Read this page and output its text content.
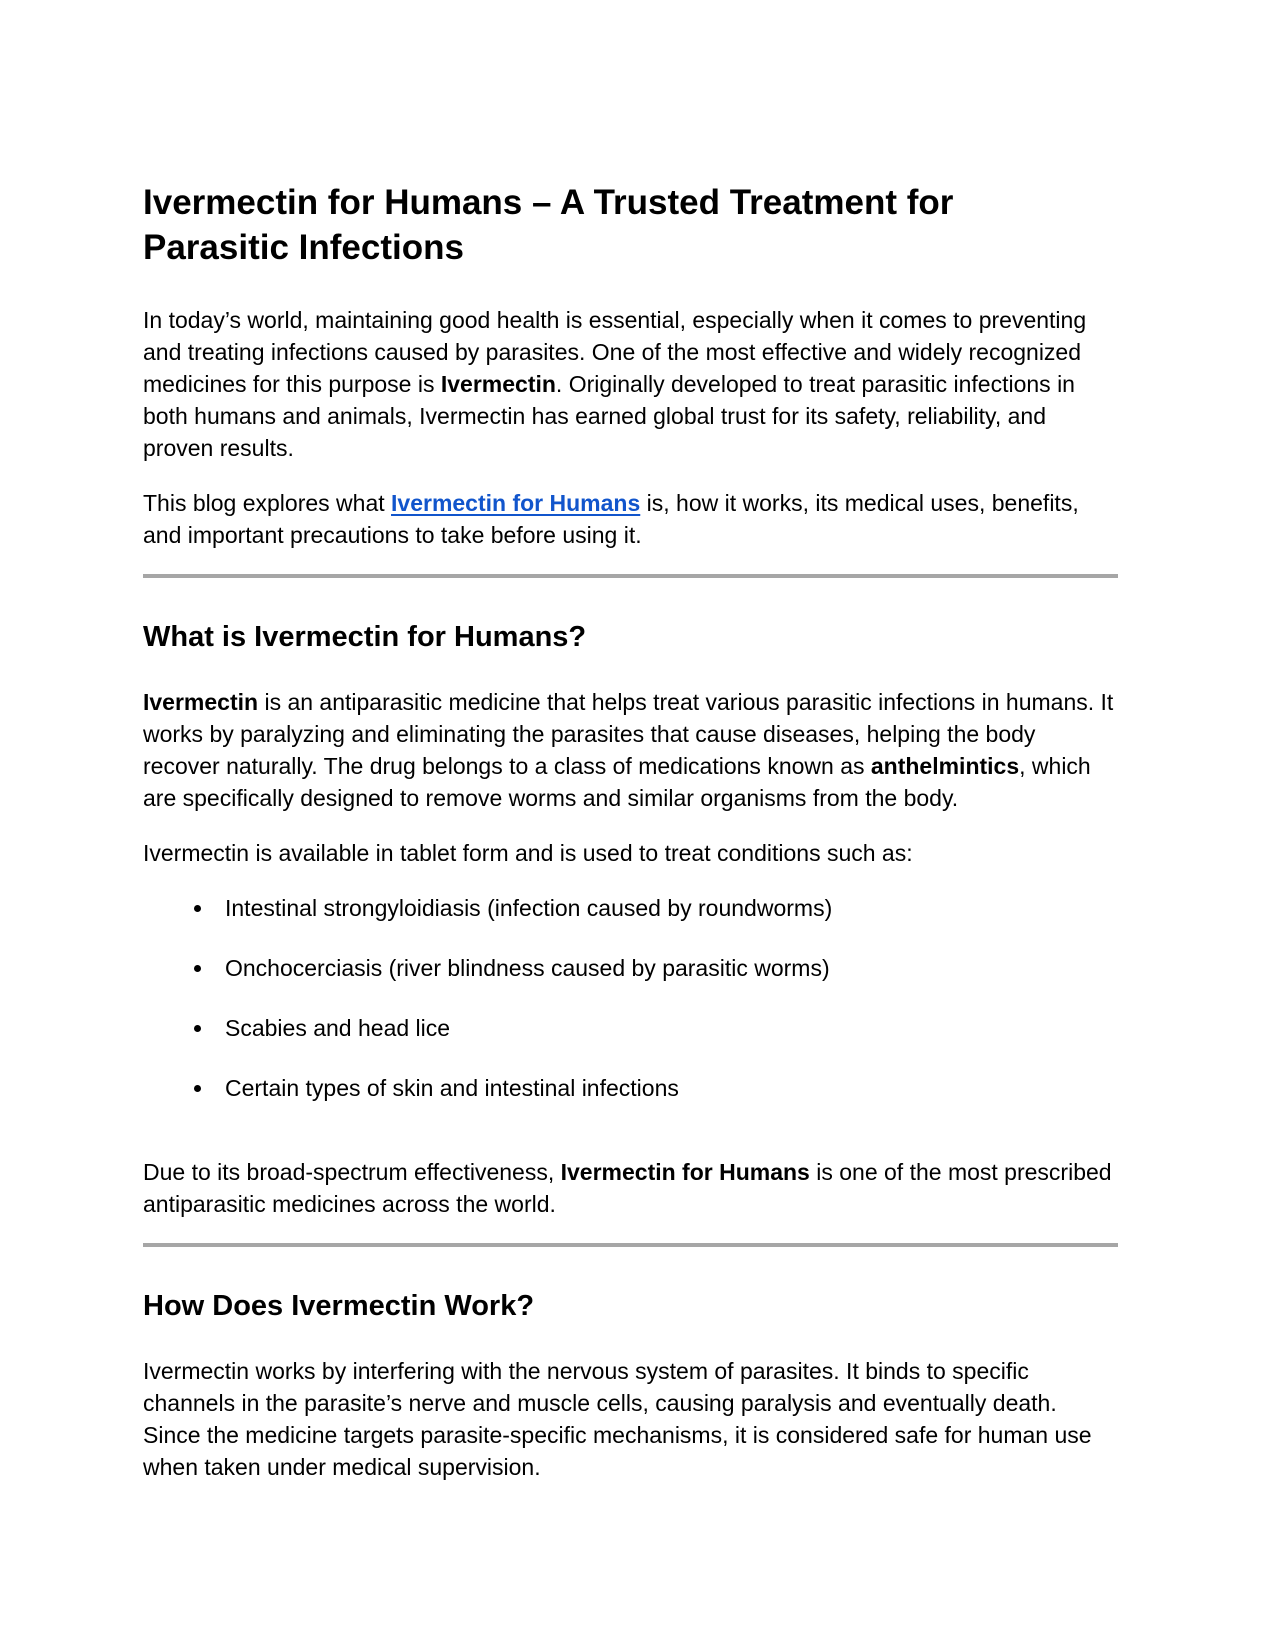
Ivermectin for Humans – A Trusted Treatment for Parasitic Infections

In today’s world, maintaining good health is essential, especially when it comes to preventing and treating infections caused by parasites. One of the most effective and widely recognized medicines for this purpose is Ivermectin. Originally developed to treat parasitic infections in both humans and animals, Ivermectin has earned global trust for its safety, reliability, and proven results.

This blog explores what Ivermectin for Humans is, how it works, its medical uses, benefits, and important precautions to take before using it.

What is Ivermectin for Humans?

Ivermectin is an antiparasitic medicine that helps treat various parasitic infections in humans. It works by paralyzing and eliminating the parasites that cause diseases, helping the body recover naturally. The drug belongs to a class of medications known as anthelmintics, which are specifically designed to remove worms and similar organisms from the body.

Ivermectin is available in tablet form and is used to treat conditions such as:

• Intestinal strongyloidiasis (infection caused by roundworms)
• Onchocerciasis (river blindness caused by parasitic worms)
• Scabies and head lice
• Certain types of skin and intestinal infections

Due to its broad-spectrum effectiveness, Ivermectin for Humans is one of the most prescribed antiparasitic medicines across the world.

How Does Ivermectin Work?

Ivermectin works by interfering with the nervous system of parasites. It binds to specific channels in the parasite’s nerve and muscle cells, causing paralysis and eventually death. Since the medicine targets parasite-specific mechanisms, it is considered safe for human use when taken under medical supervision.
